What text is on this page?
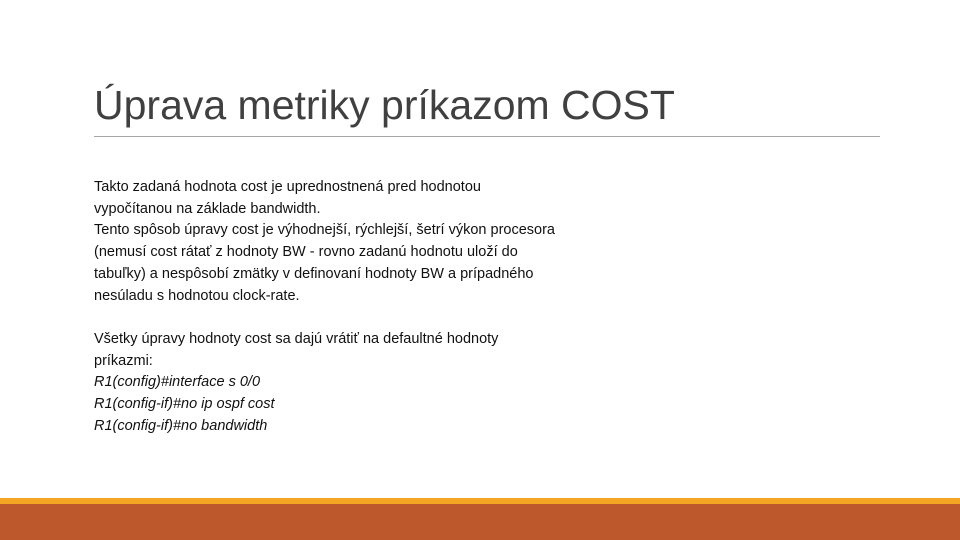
Úprava metriky príkazom COST
Takto zadaná hodnota cost je uprednostnená pred hodnotou
vypočítanou na základe bandwidth.
Tento spôsob úpravy cost je výhodnejší, rýchlejší, šetrí výkon procesora
(nemusí cost rátať z hodnoty BW - rovno zadanú hodnotu uloží do
tabuľky) a nespôsobí zmätky v definovaní hodnoty BW a prípadného
nesúladu s hodnotou clock-rate.
Všetky úpravy hodnoty cost sa dajú vrátiť na defaultné hodnoty
príkazmi:
R1(config)#interface s 0/0
R1(config-if)#no ip ospf cost
R1(config-if)#no bandwidth
